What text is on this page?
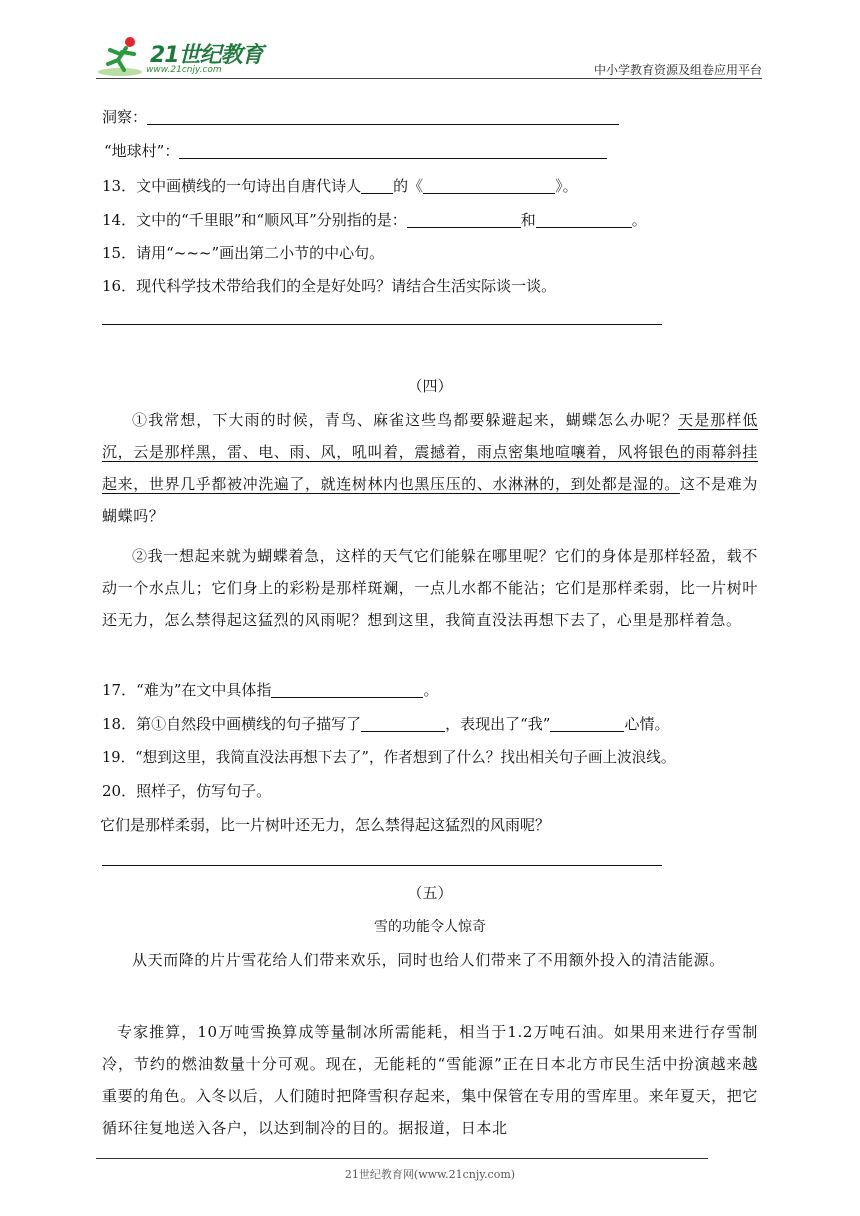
21世纪教育
www.21cnjy.com	中小学教育资源及组卷应用平台
洞察：
“地球村”：
13．文中画横线的一句诗出自唐代诗人 的《	》。
14．文中的“千里眼”和“顺风耳”分别指的是：	和	。
15．请用“~~~”画出第二小节的中心句。
16．现代科学技术带给我们的全是好处吗？请结合生活实际谈一谈。
（四）
①我常想，下大雨的时候，青鸟、麻雀这些鸟都要躲避起来，蝴蝶怎么办呢？天是那样低沉，云是那样黑，雷、电、雨、风，吼叫着，震撼着，雨点密集地喧嚷着，风将银色的雨幕斜挂起来，世界几乎都被冲洗遍了，就连树林内也黑压压的、水淋淋的，到处都是湿的。这不是难为蝴蝶吗？
②我一想起来就为蝴蝶着急，这样的天气它们能躲在哪里呢？它们的身体是那样轻盈，载不动一个水点儿；它们身上的彩粉是那样斑斓，一点儿水都不能沾；它们是那样柔弱，比一片树叶还无力，怎么禁得起这猛烈的风雨呢？想到这里，我简直没法再想下去了，心里是那样着急。
17．“难为”在文中具体指	。
18．第①自然段中画横线的句子描写了	，表现出了“我”	心情。
19．“想到这里，我简直没法再想下去了”，作者想到了什么？找出相关句子画上波浪线。
20．照样子，仿写句子。
它们是那样柔弱，比一片树叶还无力，怎么禁得起这猛烈的风雨呢？
（五）
雪的功能令人惊奇
从天而降的片片雪花给人们带来欢乐，同时也给人们带来了不用额外投入的清洁能源。
专家推算，10万吨雪换算成等量制冰所需能耗，相当于1.2万吨石油。如果用来进行存雪制冷，节约的燃油数量十分可观。现在，无能耗的“雪能源”正在日本北方市民生活中扮演越来越重要的角色。入冬以后，人们随时把降雪积存起来，集中保管在专用的雪库里。来年夏天，把它循环往复地送入各户，以达到制冷的目的。据报道，日本北
21世纪教育网(www.21cnjy.com)
